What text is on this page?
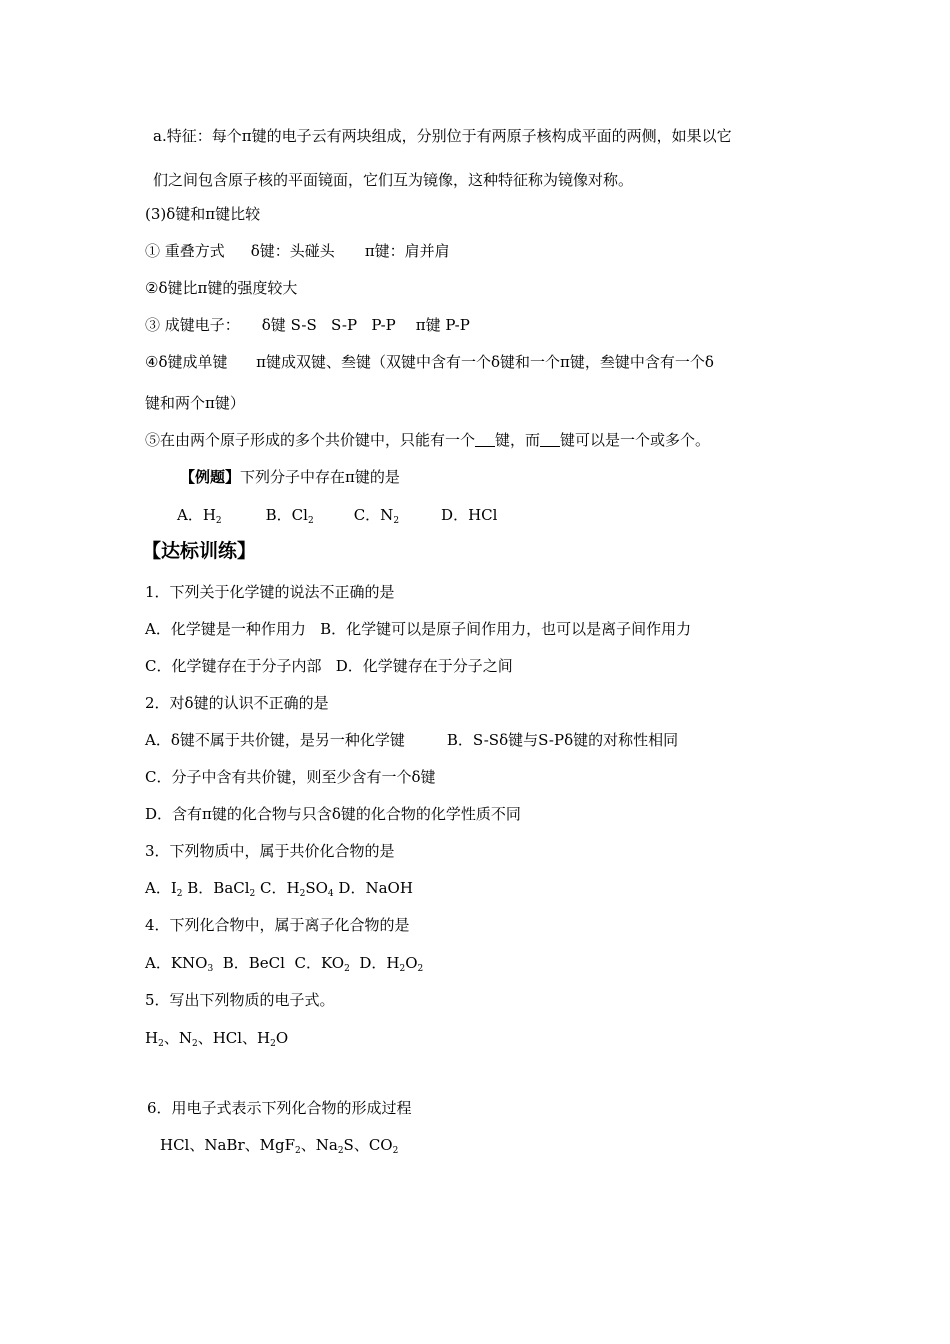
a.特征：每个π键的电子云有两块组成，分别位于有两原子核构成平面的两侧，如果以它
们之间包含原子核的平面镜面，它们互为镜像，这种特征称为镜像对称。
(3)δ键和π键比较
① 重叠方式 δ键：头碰头 π键：肩并肩
②δ键比π键的强度较大
③ 成键电子： δ键 S-S   S-P   P-P π键 P-P
④δ键成单键      π键成双键、叁键（双键中含有一个δ键和一个π键，叁键中含有一个δ
键和两个π键）
⑤在由两个原子形成的多个共价键中，只能有一个 键，而 键可以是一个或多个。
【例题】下列分子中存在π键的是
A．$H_2$	B．$Cl_2$	C．$N_2$	D．HCl
【达标训练】
1．下列关于化学键的说法不正确的是
A．化学键是一种作用力   B．化学键可以是原子间作用力，也可以是离子间作用力
C．化学键存在于分子内部   D．化学键存在于分子之间
2．对δ键的认识不正确的是
A．δ键不属于共价键，是另一种化学键	B．S-Sδ键与S-Pδ键的对称性相同
C．分子中含有共价键，则至少含有一个δ键
D．含有π键的化合物与只含δ键的化合物的化学性质不同
3．下列物质中，属于共价化合物的是
A．$I_2$ B．BaCl$_2$ C．$H_2SO_4$ D．NaOH
4．下列化合物中，属于离子化合物的是
A．$KNO_3$  B．BeCl  C．$KO_2$  D．$H_2O_2$
5．写出下列物质的电子式。
$H_2$、$N_2$、HCl、$H_2O$
6．用电子式表示下列化合物的形成过程
HCl、NaBr、MgF$_2$、$Na_2S$、$CO_2$
